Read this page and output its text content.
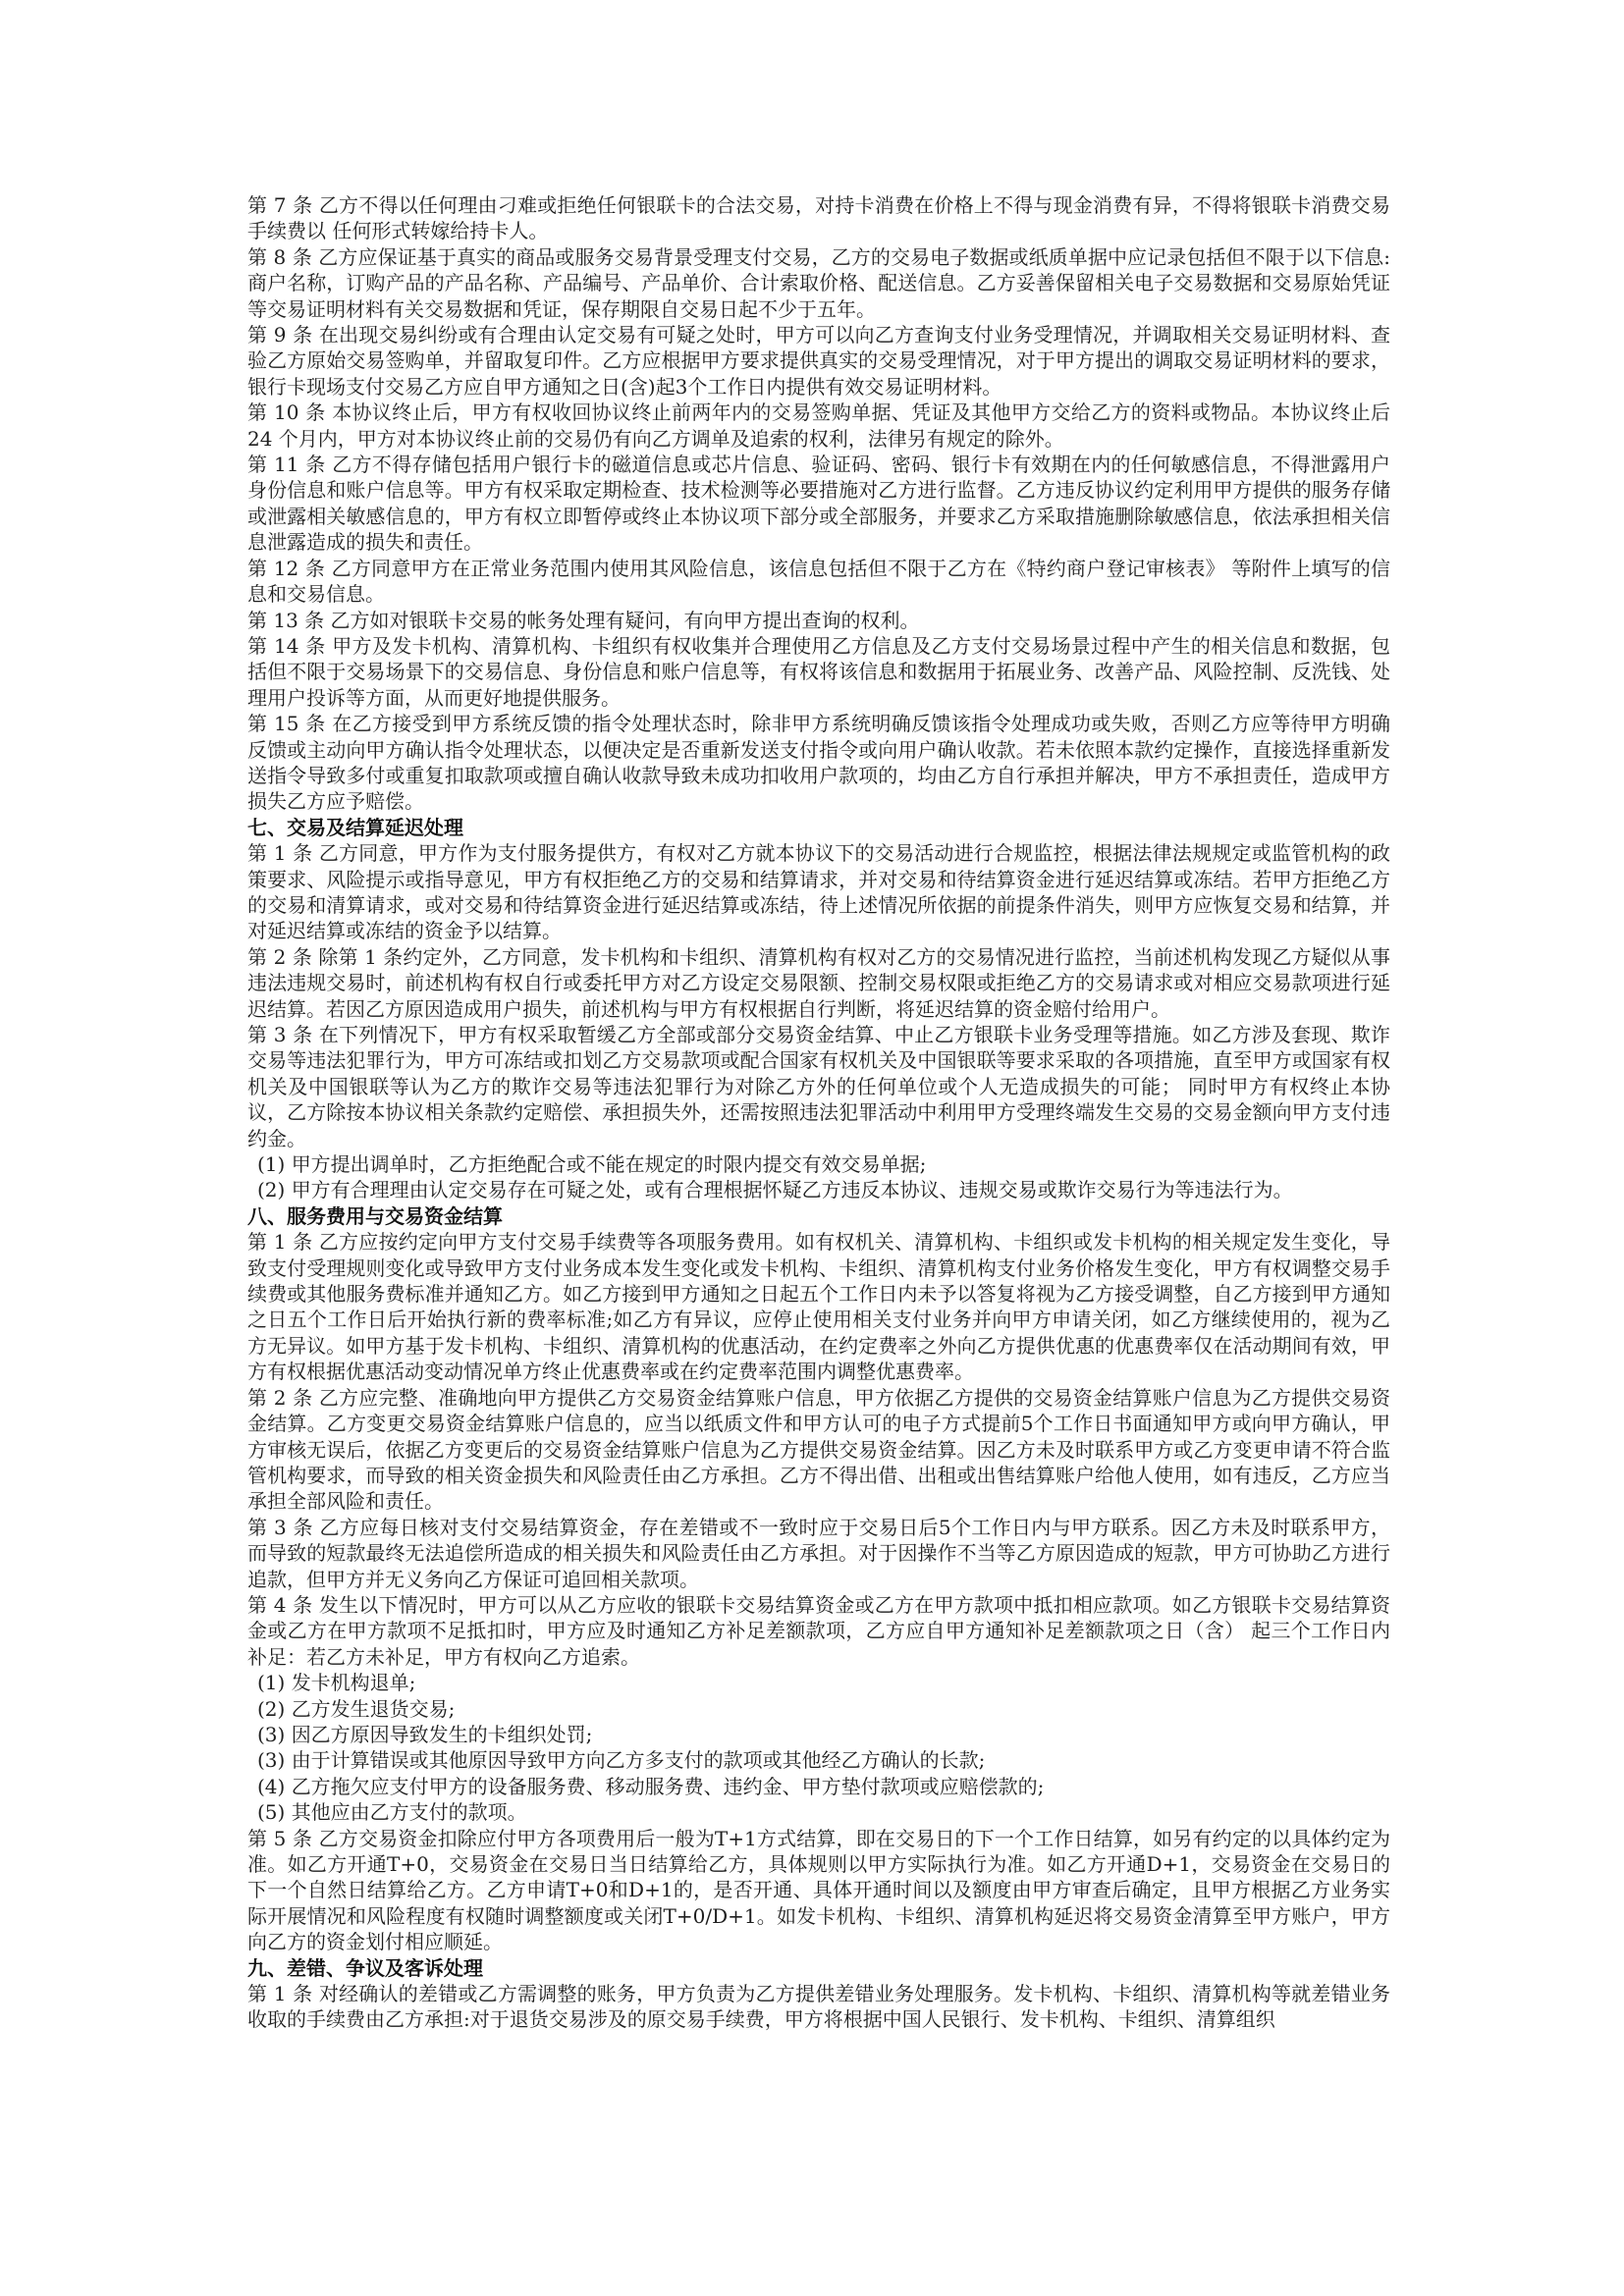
第 7 条 乙方不得以任何理由刁难或拒绝任何银联卡的合法交易，对持卡消费在价格上不得与现金消费有异，不得将银联卡消费交易手续费以 任何形式转嫁给持卡人。

第 8 条 乙方应保证基于真实的商品或服务交易背景受理支付交易，乙方的交易电子数据或纸质单据中应记录包括但不限于以下信息:商户名称，订购产品的产品名称、产品编号、产品单价、合计索取价格、配送信息。乙方妥善保留相关电子交易数据和交易原始凭证等交易证明材料有关交易数据和凭证，保存期限自交易日起不少于五年。

第 9 条 在出现交易纠纷或有合理由认定交易有可疑之处时，甲方可以向乙方查询支付业务受理情况，并调取相关交易证明材料、查验乙方原始交易签购单，并留取复印件。乙方应根据甲方要求提供真实的交易受理情况，对于甲方提出的调取交易证明材料的要求，银行卡现场支付交易乙方应自甲方通知之日(含)起3个工作日内提供有效交易证明材料。

第 10 条 本协议终止后，甲方有权收回协议终止前两年内的交易签购单据、凭证及其他甲方交给乙方的资料或物品。本协议终止后 24 个月内，甲方对本协议终止前的交易仍有向乙方调单及追索的权利，法律另有规定的除外。

第 11 条 乙方不得存储包括用户银行卡的磁道信息或芯片信息、验证码、密码、银行卡有效期在内的任何敏感信息，不得泄露用户身份信息和账户信息等。甲方有权采取定期检查、技术检测等必要措施对乙方进行监督。乙方违反协议约定利用甲方提供的服务存储或泄露相关敏感信息的，甲方有权立即暂停或终止本协议项下部分或全部服务，并要求乙方采取措施删除敏感信息，依法承担相关信息泄露造成的损失和责任。

第 12 条 乙方同意甲方在正常业务范围内使用其风险信息，该信息包括但不限于乙方在《特约商户登记审核表》 等附件上填写的信息和交易信息。

第 13 条 乙方如对银联卡交易的帐务处理有疑问，有向甲方提出查询的权利。

第 14 条 甲方及发卡机构、清算机构、卡组织有权收集并合理使用乙方信息及乙方支付交易场景过程中产生的相关信息和数据，包括但不限于交易场景下的交易信息、身份信息和账户信息等，有权将该信息和数据用于拓展业务、改善产品、风险控制、反洗钱、处理用户投诉等方面，从而更好地提供服务。

第 15 条 在乙方接受到甲方系统反馈的指令处理状态时，除非甲方系统明确反馈该指令处理成功或失败，否则乙方应等待甲方明确反馈或主动向甲方确认指令处理状态，以便决定是否重新发送支付指令或向用户确认收款。若未依照本款约定操作，直接选择重新发送指令导致多付或重复扣取款项或擅自确认收款导致未成功扣收用户款项的，均由乙方自行承担并解决，甲方不承担责任，造成甲方损失乙方应予赔偿。

七、交易及结算延迟处理

第 1 条 乙方同意，甲方作为支付服务提供方，有权对乙方就本协议下的交易活动进行合规监控，根据法律法规规定或监管机构的政策要求、风险提示或指导意见，甲方有权拒绝乙方的交易和结算请求，并对交易和待结算资金进行延迟结算或冻结。若甲方拒绝乙方的交易和清算请求，或对交易和待结算资金进行延迟结算或冻结，待上述情况所依据的前提条件消失，则甲方应恢复交易和结算，并对延迟结算或冻结的资金予以结算。

第 2 条 除第 1 条约定外，乙方同意，发卡机构和卡组织、清算机构有权对乙方的交易情况进行监控，当前述机构发现乙方疑似从事违法违规交易时，前述机构有权自行或委托甲方对乙方设定交易限额、控制交易权限或拒绝乙方的交易请求或对相应交易款项进行延迟结算。若因乙方原因造成用户损失，前述机构与甲方有权根据自行判断，将延迟结算的资金赔付给用户。

第 3 条 在下列情况下，甲方有权采取暂缓乙方全部或部分交易资金结算、中止乙方银联卡业务受理等措施。如乙方涉及套现、欺诈交易等违法犯罪行为，甲方可冻结或扣划乙方交易款项或配合国家有权机关及中国银联等要求采取的各项措施，直至甲方或国家有权机关及中国银联等认为乙方的欺诈交易等违法犯罪行为对除乙方外的任何单位或个人无造成损失的可能； 同时甲方有权终止本协议，乙方除按本协议相关条款约定赔偿、承担损失外，还需按照违法犯罪活动中利用甲方受理终端发生交易的交易金额向甲方支付违约金。

(1) 甲方提出调单时，乙方拒绝配合或不能在规定的时限内提交有效交易单据;

(2) 甲方有合理理由认定交易存在可疑之处，或有合理根据怀疑乙方违反本协议、违规交易或欺诈交易行为等违法行为。

八、服务费用与交易资金结算

第 1 条 乙方应按约定向甲方支付交易手续费等各项服务费用。如有权机关、清算机构、卡组织或发卡机构的相关规定发生变化，导致支付受理规则变化或导致甲方支付业务成本发生变化或发卡机构、卡组织、清算机构支付业务价格发生变化，甲方有权调整交易手续费或其他服务费标准并通知乙方。如乙方接到甲方通知之日起五个工作日内未予以答复将视为乙方接受调整，自乙方接到甲方通知之日五个工作日后开始执行新的费率标准;如乙方有异议，应停止使用相关支付业务并向甲方申请关闭，如乙方继续使用的，视为乙方无异议。如甲方基于发卡机构、卡组织、清算机构的优惠活动，在约定费率之外向乙方提供优惠的优惠费率仅在活动期间有效，甲方有权根据优惠活动变动情况单方终止优惠费率或在约定费率范围内调整优惠费率。

第 2 条 乙方应完整、准确地向甲方提供乙方交易资金结算账户信息，甲方依据乙方提供的交易资金结算账户信息为乙方提供交易资金结算。乙方变更交易资金结算账户信息的，应当以纸质文件和甲方认可的电子方式提前5个工作日书面通知甲方或向甲方确认，甲方审核无误后，依据乙方变更后的交易资金结算账户信息为乙方提供交易资金结算。因乙方未及时联系甲方或乙方变更申请不符合监管机构要求，而导致的相关资金损失和风险责任由乙方承担。乙方不得出借、出租或出售结算账户给他人使用，如有违反，乙方应当承担全部风险和责任。

第 3 条 乙方应每日核对支付交易结算资金，存在差错或不一致时应于交易日后5个工作日内与甲方联系。因乙方未及时联系甲方，而导致的短款最终无法追偿所造成的相关损失和风险责任由乙方承担。对于因操作不当等乙方原因造成的短款，甲方可协助乙方进行追款，但甲方并无义务向乙方保证可追回相关款项。

第 4 条 发生以下情况时，甲方可以从乙方应收的银联卡交易结算资金或乙方在甲方款项中抵扣相应款项。如乙方银联卡交易结算资金或乙方在甲方款项不足抵扣时，甲方应及时通知乙方补足差额款项，乙方应自甲方通知补足差额款项之日（含） 起三个工作日内补足：若乙方未补足，甲方有权向乙方追索。

(1) 发卡机构退单;

(2) 乙方发生退货交易;

(3) 因乙方原因导致发生的卡组织处罚;

(3) 由于计算错误或其他原因导致甲方向乙方多支付的款项或其他经乙方确认的长款;

(4) 乙方拖欠应支付甲方的设备服务费、移动服务费、违约金、甲方垫付款项或应赔偿款的;

(5) 其他应由乙方支付的款项。

第 5 条 乙方交易资金扣除应付甲方各项费用后一般为T+1方式结算，即在交易日的下一个工作日结算，如另有约定的以具体约定为准。如乙方开通T+0，交易资金在交易日当日结算给乙方，具体规则以甲方实际执行为准。如乙方开通D+1，交易资金在交易日的下一个自然日结算给乙方。乙方申请T+0和D+1的，是否开通、具体开通时间以及额度由甲方审查后确定，且甲方根据乙方业务实际开展情况和风险程度有权随时调整额度或关闭T+0/D+1。如发卡机构、卡组织、清算机构延迟将交易资金清算至甲方账户，甲方向乙方的资金划付相应顺延。

九、差错、争议及客诉处理

第 1 条 对经确认的差错或乙方需调整的账务，甲方负责为乙方提供差错业务处理服务。发卡机构、卡组织、清算机构等就差错业务收取的手续费由乙方承担:对于退货交易涉及的原交易手续费，甲方将根据中国人民银行、发卡机构、卡组织、清算组织
